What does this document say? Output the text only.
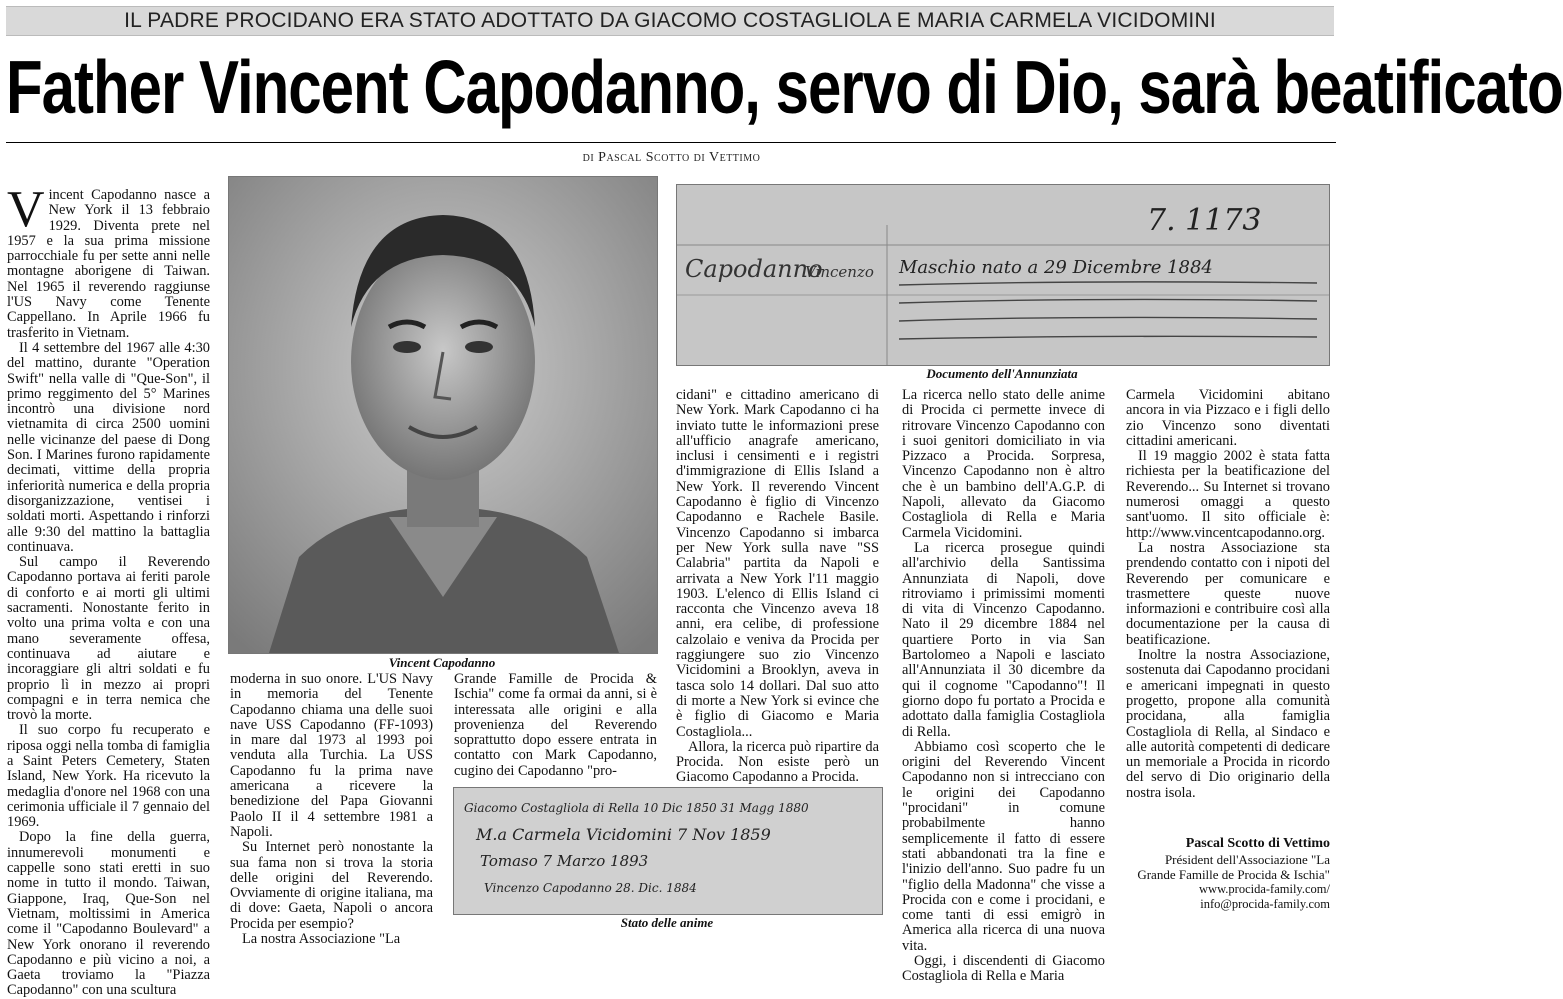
IL PADRE PROCIDANO ERA STATO ADOTTATO DA GIACOMO COSTAGLIOLA E MARIA CARMELA VICIDOMINI
Father Vincent Capodanno, servo di Dio, sarà beatificato
di Pascal Scotto di Vettimo

Vincent Capodanno nasce a New York il 13 febbraio 1929. Diventa prete nel 1957 e la sua prima missione parrocchiale fu per sette anni nelle montagne aborigene di Taiwan. Nel 1965 il reverendo raggiunse l'US Navy come Tenente Cappellano. In Aprile 1966 fu trasferito in Vietnam.

Il 4 settembre del 1967 alle 4:30 del mattino, durante "Operation Swift" nella valle di "Que-Son", il primo reggimento del 5° Marines incontrò una divisione nord vietnamita di circa 2500 uomini nelle vicinanze del paese di Dong Son. I Marines furono rapidamente decimati, vittime della propria inferiorità numerica e della propria disorganizzazione, ventisei i soldati morti. Aspettando i rinforzi alle 9:30 del mattino la battaglia continuava.

Sul campo il Reverendo Capodanno portava ai feriti parole di conforto e ai morti gli ultimi sacramenti. Nonostante ferito in volto una prima volta e con una mano severamente offesa, continuava ad aiutare e incoraggiare gli altri soldati e fu proprio lì in mezzo ai propri compagni e in terra nemica che trovò la morte.

Il suo corpo fu recuperato e riposa oggi nella tomba di famiglia a Saint Peters Cemetery, Staten Island, New York. Ha ricevuto la medaglia d'onore nel 1968 con una cerimonia ufficiale il 7 gennaio del 1969.

Dopo la fine della guerra, innumerevoli monumenti e cappelle sono stati eretti in suo nome in tutto il mondo. Taiwan, Giappone, Iraq, Que-Son nel Vietnam, moltissimi in America come il "Capodanno Boulevard" a New York onorano il reverendo Capodanno e più vicino a noi, a Gaeta troviamo la "Piazza Capodanno" con una scultura

Vincent Capodanno

moderna in suo onore. L'US Navy in memoria del Tenente Capodanno chiama una delle suoi nave USS Capodanno (FF-1093) in mare dal 1973 al 1993 poi venduta alla Turchia. La USS Capodanno fu la prima nave americana a ricevere la benedizione del Papa Giovanni Paolo II il 4 settembre 1981 a Napoli.

Su Internet però nonostante la sua fama non si trova la storia delle origini del Reverendo. Ovviamente di origine italiana, ma di dove: Gaeta, Napoli o ancora Procida per esempio?

La nostra Associazione "La

Grande Famille de Procida & Ischia" come fa ormai da anni, si è interessata alle origini e alla provenienza del Reverendo soprattutto dopo essere entrata in contatto con Mark Capodanno, cugino dei Capodanno "pro-

7. 1173
Capodanno
Vincenzo Maschio nato a 29 Dicembre 1884
Documento dell'Annunziata

cidani" e cittadino americano di New York. Mark Capodanno ci ha inviato tutte le informazioni prese all'ufficio anagrafe americano, inclusi i censimenti e i registri d'immigrazione di Ellis Island a New York. Il reverendo Vincent Capodanno è figlio di Vincenzo Capodanno e Rachele Basile. Vincenzo Capodanno si imbarca per New York sulla nave "SS Calabria" partita da Napoli e arrivata a New York l'11 maggio 1903. L'elenco di Ellis Island ci racconta che Vincenzo aveva 18 anni, era celibe, di professione calzolaio e veniva da Procida per raggiungere suo zio Vincenzo Vicidomini a Brooklyn, aveva in tasca solo 14 dollari. Dal suo atto di morte a New York si evince che è figlio di Giacomo e Maria Costagliola...

Allora, la ricerca può ripartire da Procida. Non esiste però un Giacomo Capodanno a Procida.

Giacomo Costagliola di Rella 10 Dic 1850 31 Magg 1880
M.a Carmela Vicidomini 7 Nov 1859
Tomaso 7 Marzo 1893
Vincenzo Capodanno 28. Dic. 1884
Stato delle anime

La ricerca nello stato delle anime di Procida ci permette invece di ritrovare Vincenzo Capodanno con i suoi genitori domiciliato in via Pizzaco a Procida. Sorpresa, Vincenzo Capodanno non è altro che è un bambino dell'A.G.P. di Napoli, allevato da Giacomo Costagliola di Rella e Maria Carmela Vicidomini.

La ricerca prosegue quindi all'archivio della Santissima Annunziata di Napoli, dove ritroviamo i primissimi momenti di vita di Vincenzo Capodanno. Nato il 29 dicembre 1884 nel quartiere Porto in via San Bartolomeo a Napoli e lasciato all'Annunziata il 30 dicembre da qui il cognome "Capodanno"! Il giorno dopo fu portato a Procida e adottato dalla famiglia Costagliola di Rella.

Abbiamo così scoperto che le origini del Reverendo Vincent Capodanno non si intrecciano con le origini dei Capodanno "procidani" in comune probabilmente hanno semplicemente il fatto di essere stati abbandonati tra la fine e l'inizio dell'anno. Suo padre fu un "figlio della Madonna" che visse a Procida con e come i procidani, e come tanti di essi emigrò in America alla ricerca di una nuova vita.

Oggi, i discendenti di Giacomo Costagliola di Rella e Maria

Carmela Vicidomini abitano ancora in via Pizzaco e i figli dello zio Vincenzo sono diventati cittadini americani.

Il 19 maggio 2002 è stata fatta richiesta per la beatificazione del Reverendo... Su Internet si trovano numerosi omaggi a questo sant'uomo. Il sito officiale è: http://www.vincentcapodanno.org.

La nostra Associazione sta prendendo contatto con i nipoti del Reverendo per comunicare e trasmettere queste nuove informazioni e contribuire così alla documentazione per la causa di beatificazione.

Inoltre la nostra Associazione, sostenuta dai Capodanno procidani e americani impegnati in questo progetto, propone alla comunità procidana, alla famiglia Costagliola di Rella, al Sindaco e alle autorità competenti di dedicare un memoriale a Procida in ricordo del servo di Dio originario della nostra isola.

Pascal Scotto di Vettimo
Président dell'Associazione "La Grande Famille de Procida & Ischia"
www.procida-family.com/
info@procida-family.com
